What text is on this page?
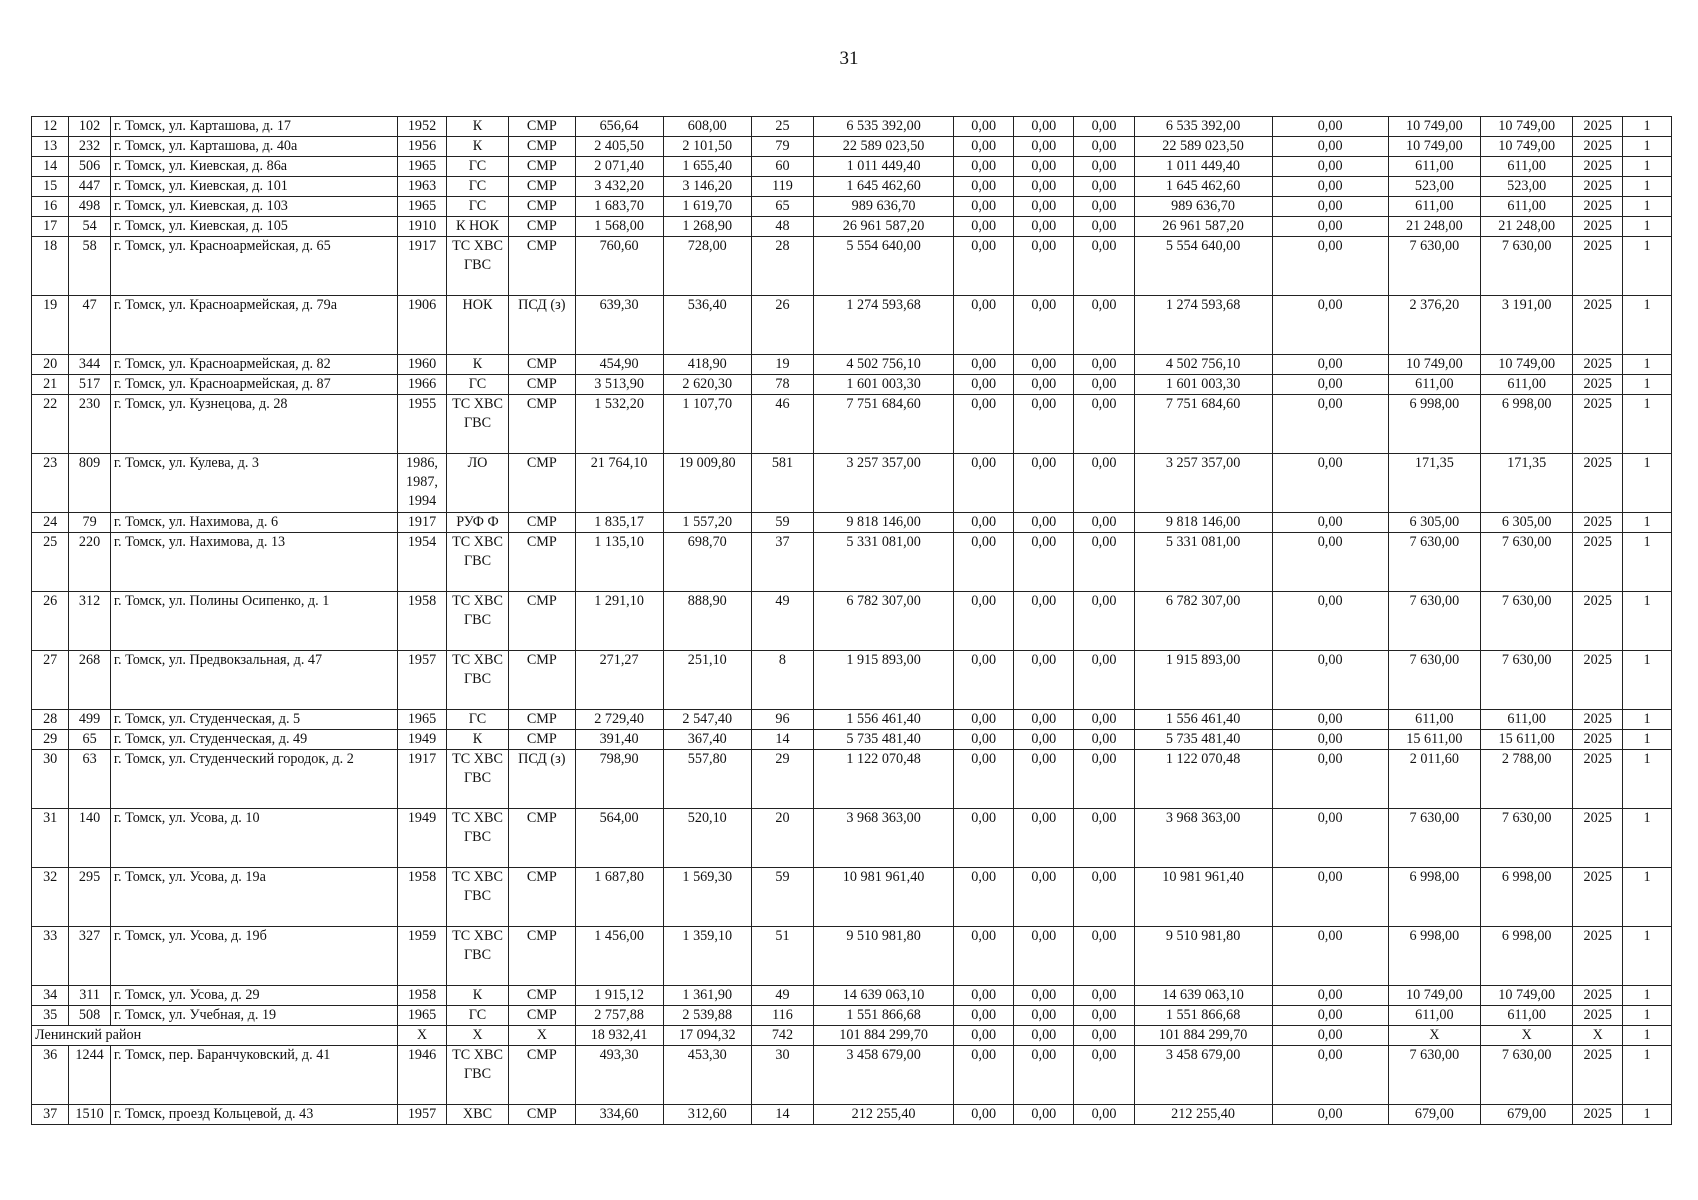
31
12	102	г. Томск, ул. Карташова, д. 17	1952	К	СМР	656,64	608,00	25	6 535 392,00	0,00	0,00	0,00	6 535 392,00	0,00	10 749,00	10 749,00	2025	1
13	232	г. Томск, ул. Карташова, д. 40а	1956	К	СМР	2 405,50	2 101,50	79	22 589 023,50	0,00	0,00	0,00	22 589 023,50	0,00	10 749,00	10 749,00	2025	1
14	506	г. Томск, ул. Киевская, д. 86а	1965	ГС	СМР	2 071,40	1 655,40	60	1 011 449,40	0,00	0,00	0,00	1 011 449,40	0,00	611,00	611,00	2025	1
15	447	г. Томск, ул. Киевская, д. 101	1963	ГС	СМР	3 432,20	3 146,20	119	1 645 462,60	0,00	0,00	0,00	1 645 462,60	0,00	523,00	523,00	2025	1
16	498	г. Томск, ул. Киевская, д. 103	1965	ГС	СМР	1 683,70	1 619,70	65	989 636,70	0,00	0,00	0,00	989 636,70	0,00	611,00	611,00	2025	1
17	54	г. Томск, ул. Киевская, д. 105	1910	К НОК	СМР	1 568,00	1 268,90	48	26 961 587,20	0,00	0,00	0,00	26 961 587,20	0,00	21 248,00	21 248,00	2025	1
18	58	г. Томск, ул. Красноармейская, д. 65	1917	ТС ХВС ГВС	СМР	760,60	728,00	28	5 554 640,00	0,00	0,00	0,00	5 554 640,00	0,00	7 630,00	7 630,00	2025	1
19	47	г. Томск, ул. Красноармейская, д. 79а	1906	НОК	ПСД (з)	639,30	536,40	26	1 274 593,68	0,00	0,00	0,00	1 274 593,68	0,00	2 376,20	3 191,00	2025	1
20	344	г. Томск, ул. Красноармейская, д. 82	1960	К	СМР	454,90	418,90	19	4 502 756,10	0,00	0,00	0,00	4 502 756,10	0,00	10 749,00	10 749,00	2025	1
21	517	г. Томск, ул. Красноармейская, д. 87	1966	ГС	СМР	3 513,90	2 620,30	78	1 601 003,30	0,00	0,00	0,00	1 601 003,30	0,00	611,00	611,00	2025	1
22	230	г. Томск, ул. Кузнецова, д. 28	1955	ТС ХВС ГВС	СМР	1 532,20	1 107,70	46	7 751 684,60	0,00	0,00	0,00	7 751 684,60	0,00	6 998,00	6 998,00	2025	1
23	809	г. Томск, ул. Кулева, д. 3	1986, 1987, 1994	ЛО	СМР	21 764,10	19 009,80	581	3 257 357,00	0,00	0,00	0,00	3 257 357,00	0,00	171,35	171,35	2025	1
24	79	г. Томск, ул. Нахимова, д. 6	1917	РУФ Ф	СМР	1 835,17	1 557,20	59	9 818 146,00	0,00	0,00	0,00	9 818 146,00	0,00	6 305,00	6 305,00	2025	1
25	220	г. Томск, ул. Нахимова, д. 13	1954	ТС ХВС ГВС	СМР	1 135,10	698,70	37	5 331 081,00	0,00	0,00	0,00	5 331 081,00	0,00	7 630,00	7 630,00	2025	1
26	312	г. Томск, ул. Полины Осипенко, д. 1	1958	ТС ХВС ГВС	СМР	1 291,10	888,90	49	6 782 307,00	0,00	0,00	0,00	6 782 307,00	0,00	7 630,00	7 630,00	2025	1
27	268	г. Томск, ул. Предвокзальная, д. 47	1957	ТС ХВС ГВС	СМР	271,27	251,10	8	1 915 893,00	0,00	0,00	0,00	1 915 893,00	0,00	7 630,00	7 630,00	2025	1
28	499	г. Томск, ул. Студенческая, д. 5	1965	ГС	СМР	2 729,40	2 547,40	96	1 556 461,40	0,00	0,00	0,00	1 556 461,40	0,00	611,00	611,00	2025	1
29	65	г. Томск, ул. Студенческая, д. 49	1949	К	СМР	391,40	367,40	14	5 735 481,40	0,00	0,00	0,00	5 735 481,40	0,00	15 611,00	15 611,00	2025	1
30	63	г. Томск, ул. Студенческий городок, д. 2	1917	ТС ХВС ГВС	ПСД (з)	798,90	557,80	29	1 122 070,48	0,00	0,00	0,00	1 122 070,48	0,00	2 011,60	2 788,00	2025	1
31	140	г. Томск, ул. Усова, д. 10	1949	ТС ХВС ГВС	СМР	564,00	520,10	20	3 968 363,00	0,00	0,00	0,00	3 968 363,00	0,00	7 630,00	7 630,00	2025	1
32	295	г. Томск, ул. Усова, д. 19а	1958	ТС ХВС ГВС	СМР	1 687,80	1 569,30	59	10 981 961,40	0,00	0,00	0,00	10 981 961,40	0,00	6 998,00	6 998,00	2025	1
33	327	г. Томск, ул. Усова, д. 19б	1959	ТС ХВС ГВС	СМР	1 456,00	1 359,10	51	9 510 981,80	0,00	0,00	0,00	9 510 981,80	0,00	6 998,00	6 998,00	2025	1
34	311	г. Томск, ул. Усова, д. 29	1958	К	СМР	1 915,12	1 361,90	49	14 639 063,10	0,00	0,00	0,00	14 639 063,10	0,00	10 749,00	10 749,00	2025	1
35	508	г. Томск, ул. Учебная, д. 19	1965	ГС	СМР	2 757,88	2 539,88	116	1 551 866,68	0,00	0,00	0,00	1 551 866,68	0,00	611,00	611,00	2025	1
Ленинский район			Х	Х	Х	18 932,41	17 094,32	742	101 884 299,70	0,00	0,00	0,00	101 884 299,70	0,00	Х	Х	Х	1
36	1244	г. Томск, пер. Баранчуковский, д. 41	1946	ТС ХВС ГВС	СМР	493,30	453,30	30	3 458 679,00	0,00	0,00	0,00	3 458 679,00	0,00	7 630,00	7 630,00	2025	1
37	1510	г. Томск, проезд Кольцевой, д. 43	1957	ХВС	СМР	334,60	312,60	14	212 255,40	0,00	0,00	0,00	212 255,40	0,00	679,00	679,00	2025	1
